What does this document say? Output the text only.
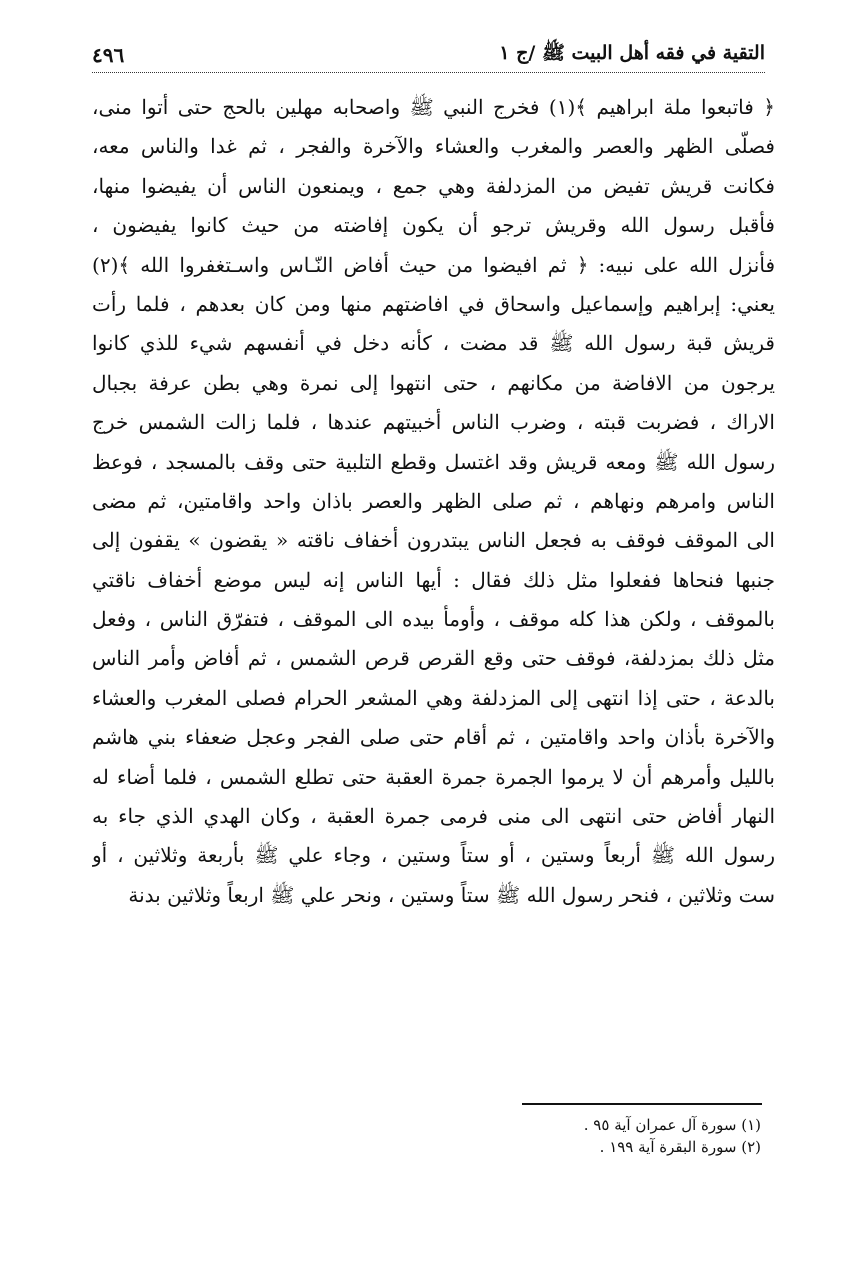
التقية في فقه أهل البيت ﷺ /ج ١
٤٩٦
﴿ فاتبعوا ملة ابراهيم ﴾(١) فخرج النبي ﷺ واصحابه مهلين بالحج حتى أتوا منى،
فصلّى الظهر والعصر والمغرب والعشاء والآخرة والفجر ، ثم غدا والناس معه،
فكانت قريش تفيض من المزدلفة وهي جمع ، ويمنعون الناس أن يفيضوا منها،
فأقبل رسول الله وقريش ترجو أن يكون إفاضته من حيث كانوا يفيضون ،
فأنزل الله على نبيه: ﴿ ثم افيضوا من حيث أفاض النّـاس واسـتغفروا الله ﴾(٢)
يعني: إبراهيم وإسماعيل واسحاق في افاضتهم منها ومن كان بعدهم ، فلما رأت
قريش قبة رسول الله ﷺ قد مضت ، كأنه دخل في أنفسهم شيء للذي كانوا
يرجون من الافاضة من مكانهم ، حتى انتهوا إلى نمرة وهي بطن عرفة بجبال
الاراك ، فضربت قبته ، وضرب الناس أخبيتهم عندها ، فلما زالت الشمس خرج
رسول الله ﷺ ومعه قريش وقد اغتسل وقطع التلبية حتى وقف بالمسجد ، فوعظ
الناس وامرهم ونهاهم ، ثم صلى الظهر والعصر باذان واحد واقامتين، ثم مضى
الى الموقف فوقف به فجعل الناس يبتدرون أخفاف ناقته « يقضون » يقفون إلى
جنبها فنحاها ففعلوا مثل ذلك فقال : أيها الناس إنه ليس موضع أخفاف ناقتي
بالموقف ، ولكن هذا كله موقف ، وأومأ بيده الى الموقف ، فتفرّق الناس ، وفعل
مثل ذلك بمزدلفة، فوقف حتى وقع القرص قرص الشمس ، ثم أفاض وأمر الناس
بالدعة ، حتى إذا انتهى إلى المزدلفة وهي المشعر الحرام فصلى المغرب والعشاء
والآخرة بأذان واحد واقامتين ، ثم أقام حتى صلى الفجر وعجل ضعفاء بني هاشم
بالليل وأمرهم أن لا يرموا الجمرة جمرة العقبة حتى تطلع الشمس ، فلما أضاء له
النهار أفاض حتى انتهى الى منى فرمى جمرة العقبة ، وكان الهدي الذي جاء به
رسول الله ﷺ أربعاً وستين ، أو ستاً وستين ، وجاء علي ﷺ بأربعة وثلاثين ، أو
ست وثلاثين ، فنحر رسول الله ﷺ ستاً وستين ، ونحر علي ﷺ اربعاً وثلاثين بدنة
(١) سورة آل عمران آية ٩٥ .
(٢) سورة البقرة آية ١٩٩ .
